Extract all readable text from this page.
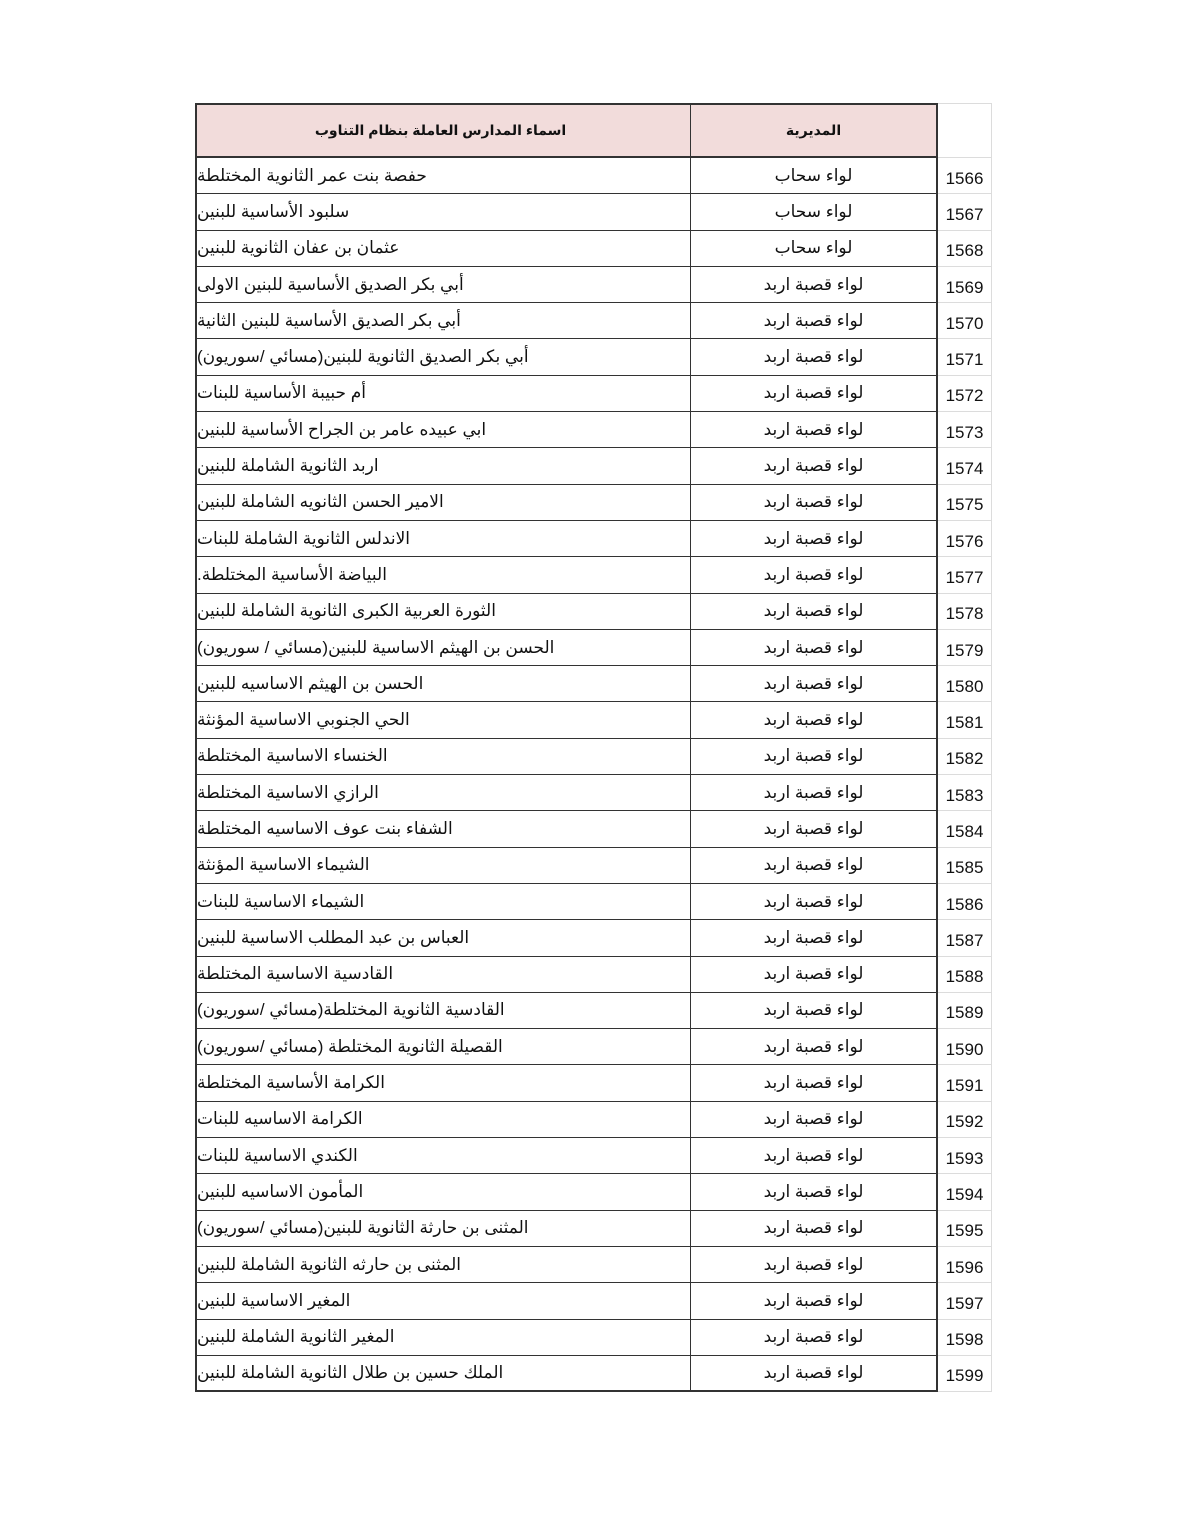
اسماء المدارس العاملة بنظام التناوب	المديرية
حفصة بنت عمر الثانوية المختلطة	لواء سحاب	1566
سلبود الأساسية للبنين	لواء سحاب	1567
عثمان بن عفان الثانوية للبنين	لواء سحاب	1568
أبي بكر الصديق الأساسية للبنين الاولى	لواء قصبة اربد	1569
أبي بكر الصديق الأساسية للبنين الثانية	لواء قصبة اربد	1570
أبي بكر الصديق الثانوية للبنين(مسائي /سوريون)	لواء قصبة اربد	1571
أم حبيبة الأساسية للبنات	لواء قصبة اربد	1572
ابي عبيده عامر بن الجراح الأساسية للبنين	لواء قصبة اربد	1573
اربد الثانوية الشاملة للبنين	لواء قصبة اربد	1574
الامير الحسن الثانويه الشاملة للبنين	لواء قصبة اربد	1575
الاندلس الثانوية الشاملة للبنات	لواء قصبة اربد	1576
البياضة الأساسية المختلطة.	لواء قصبة اربد	1577
الثورة العربية الكبرى الثانوية الشاملة للبنين	لواء قصبة اربد	1578
الحسن بن الهيثم الاساسية للبنين(مسائي / سوريون)	لواء قصبة اربد	1579
الحسن بن الهيثم الاساسيه للبنين	لواء قصبة اربد	1580
الحي الجنوبي الاساسية المؤنثة	لواء قصبة اربد	1581
الخنساء الاساسية المختلطة	لواء قصبة اربد	1582
الرازي الاساسية المختلطة	لواء قصبة اربد	1583
الشفاء بنت عوف الاساسيه المختلطة	لواء قصبة اربد	1584
الشيماء الاساسية المؤنثة	لواء قصبة اربد	1585
الشيماء الاساسية للبنات	لواء قصبة اربد	1586
العباس بن عبد المطلب الاساسية للبنين	لواء قصبة اربد	1587
القادسية الاساسية المختلطة	لواء قصبة اربد	1588
القادسية الثانوية المختلطة(مسائي /سوريون)	لواء قصبة اربد	1589
القصيلة الثانوية المختلطة (مسائي /سوريون)	لواء قصبة اربد	1590
الكرامة الأساسية المختلطة	لواء قصبة اربد	1591
الكرامة الاساسيه للبنات	لواء قصبة اربد	1592
الكندي الاساسية للبنات	لواء قصبة اربد	1593
المأمون الاساسيه للبنين	لواء قصبة اربد	1594
المثنى بن حارثة الثانوية للبنين(مسائي /سوريون)	لواء قصبة اربد	1595
المثنى بن حارثه الثانوية الشاملة للبنين	لواء قصبة اربد	1596
المغير الاساسية للبنين	لواء قصبة اربد	1597
المغير الثانوية الشاملة للبنين	لواء قصبة اربد	1598
الملك حسين بن طلال الثانوية الشاملة للبنين	لواء قصبة اربد	1599
